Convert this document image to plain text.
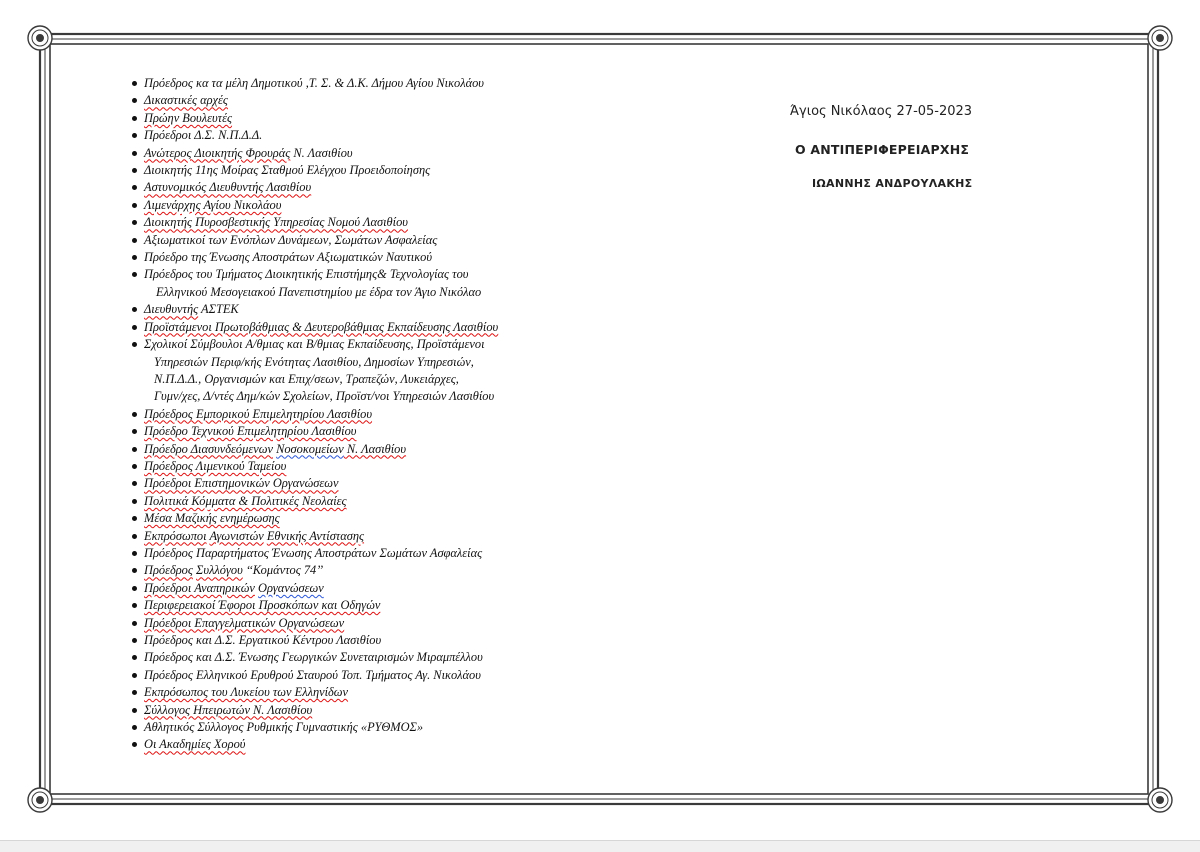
Πρόεδρος κα τα μέλη Δημοτικού ,Τ. Σ. & Δ.Κ. Δήμου Αγίου Νικολάου
Δικαστικές αρχές
Πρώην Βουλευτές
Πρόεδροι Δ.Σ. Ν.Π.Δ.Δ.
Ανώτερος Διοικητής Φρουράς Ν. Λασιθίου
Διοικητής 11ης Μοίρας Σταθμού Ελέγχου Προειδοποίησης
Αστυνομικός Διευθυντής Λασιθίου
Λιμενάρχης Αγίου Νικολάου
Διοικητής Πυροσβεστικής Υπηρεσίας Νομού Λασιθίου
Αξιωματικοί των Ενόπλων Δυνάμεων, Σωμάτων Ασφαλείας
Πρόεδρο της Ένωσης Αποστράτων Αξιωματικών Ναυτικού
Πρόεδρος του Τμήματος Διοικητικής Επιστήμης& Τεχνολογίας του
Ελληνικού Μεσογειακού Πανεπιστημίου με έδρα τον Άγιο Νικόλαο
Διευθυντής ΑΣΤΕΚ
Προϊστάμενοι Πρωτοβάθμιας & Δευτεροβάθμιας Εκπαίδευσης Λασιθίου
Σχολικοί Σύμβουλοι Α/θμιας και Β/θμιας Εκπαίδευσης, Προϊστάμενοι
Υπηρεσιών Περιφ/κής Ενότητας Λασιθίου, Δημοσίων Υπηρεσιών,
Ν.Π.Δ.Δ., Οργανισμών και Επιχ/σεων, Τραπεζών, Λυκειάρχες,
Γυμν/χες, Δ/ντές Δημ/κών Σχολείων, Προϊστ/νοι Υπηρεσιών Λασιθίου
Πρόεδρος Εμπορικού Επιμελητηρίου Λασιθίου
Πρόεδρο Τεχνικού Επιμελητηρίου Λασιθίου
Πρόεδρο Διασυνδεόμενων Νοσοκομείων Ν. Λασιθίου
Πρόεδρος Λιμενικού Ταμείου
Πρόεδροι Επιστημονικών Οργανώσεων
Πολιτικά Κόμματα & Πολιτικές Νεολαίες
Μέσα Μαζικής ενημέρωσης
Εκπρόσωποι Αγωνιστών Εθνικής Αντίστασης
Πρόεδρος Παραρτήματος Ένωσης Αποστράτων Σωμάτων Ασφαλείας
Πρόεδρος Συλλόγου ‘‘Κομάντος 74’’
Πρόεδροι Αναπηρικών Οργανώσεων
Περιφερειακοί Έφοροι Προσκόπων και Οδηγών
Πρόεδροι Επαγγελματικών Οργανώσεων
Πρόεδρος και Δ.Σ. Εργατικού Κέντρου Λασιθίου
Πρόεδρος και Δ.Σ. Ένωσης Γεωργικών Συνεταιρισμών Μιραμπέλλου
Πρόεδρος Ελληνικού Ερυθρού Σταυρού Τοπ. Τμήματος Αγ. Νικολάου
Εκπρόσωπος του Λυκείου των Ελληνίδων
Σύλλογος Ηπειρωτών Ν. Λασιθίου
Αθλητικός Σύλλογος Ρυθμικής Γυμναστικής «ΡΥΘΜΟΣ»
Οι Ακαδημίες Χορού
Άγιος Νικόλαος 27-05-2023
Ο ΑΝΤΙΠΕΡΙΦΕΡΕΙΑΡΧΗΣ
ΙΩΑΝΝΗΣ ΑΝΔΡΟΥΛΑΚΗΣ
